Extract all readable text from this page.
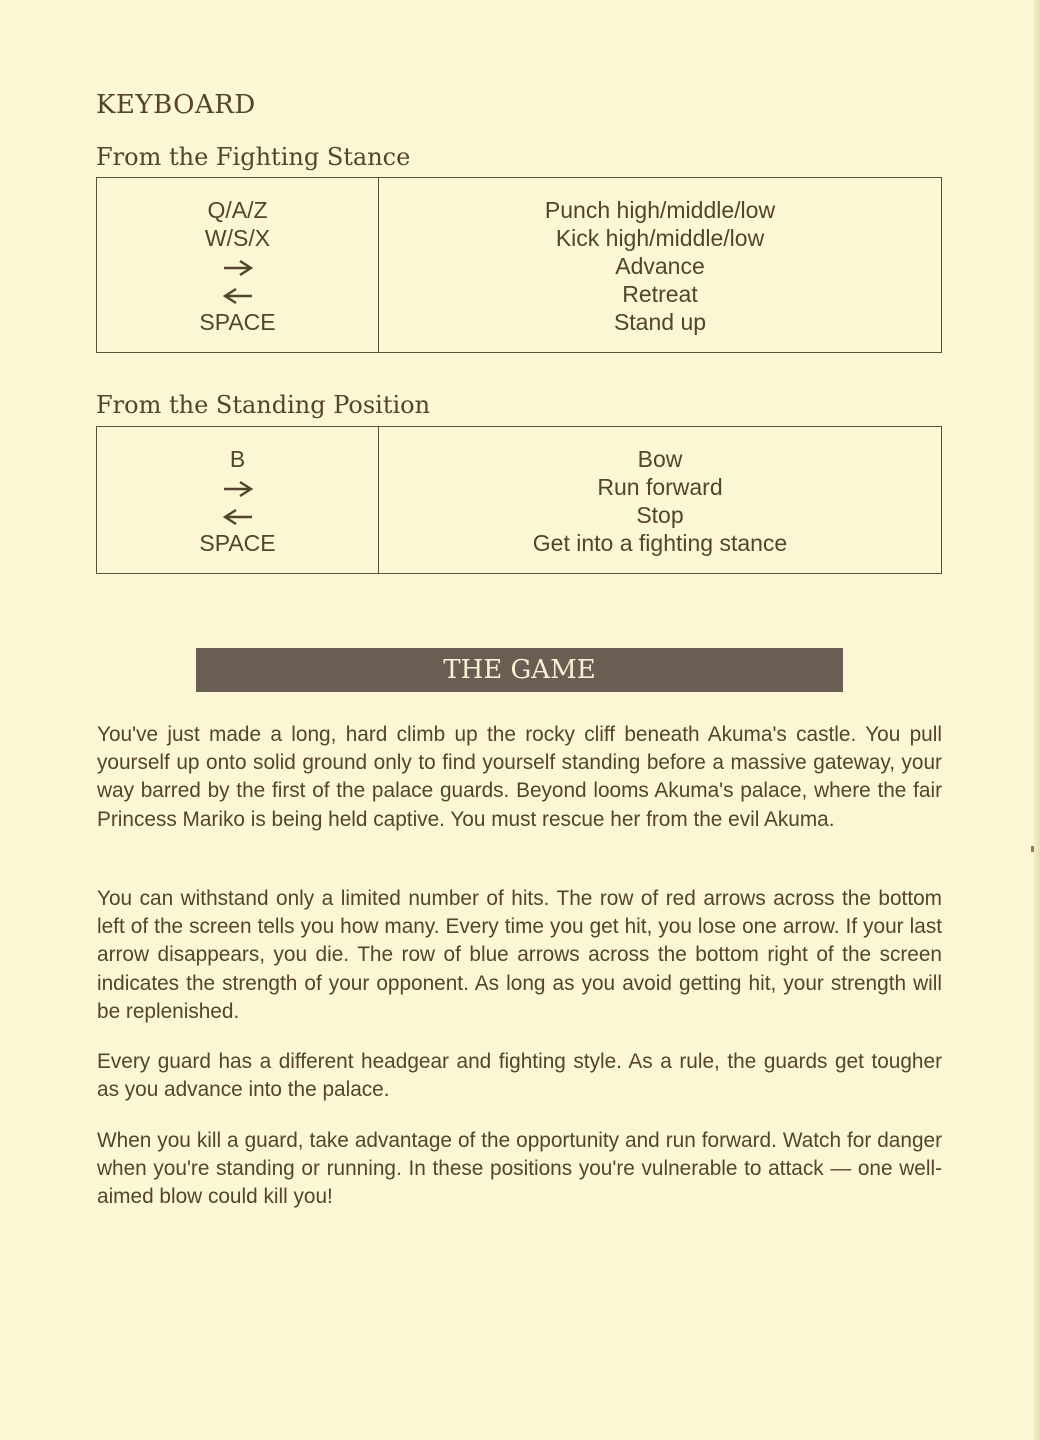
KEYBOARD
From the Fighting Stance
Q/A/Z
W/S/X
SPACE
Punch high/middle/low
Kick high/middle/low
Advance
Retreat
Stand up
From the Standing Position
B
SPACE
Bow
Run forward
Stop
Get into a fighting stance
THE GAME

You've just made a long, hard climb up the rocky cliff beneath Akuma's castle. You pull yourself up onto solid ground only to find yourself standing before a massive gateway, your way barred by the first of the palace guards. Beyond looms Akuma's palace, where the fair Princess Mariko is being held captive. You must rescue her from the evil Akuma.

You can withstand only a limited number of hits. The row of red arrows across the bottom left of the screen tells you how many. Every time you get hit, you lose one arrow. If your last arrow disappears, you die. The row of blue arrows across the bottom right of the screen indicates the strength of your opponent. As long as you avoid getting hit, your strength will be replenished.

Every guard has a different headgear and fighting style. As a rule, the guards get tougher as you advance into the palace.

When you kill a guard, take advantage of the opportunity and run forward. Watch for danger when you're standing or running. In these positions you're vulnerable to attack — one well-aimed blow could kill you!
